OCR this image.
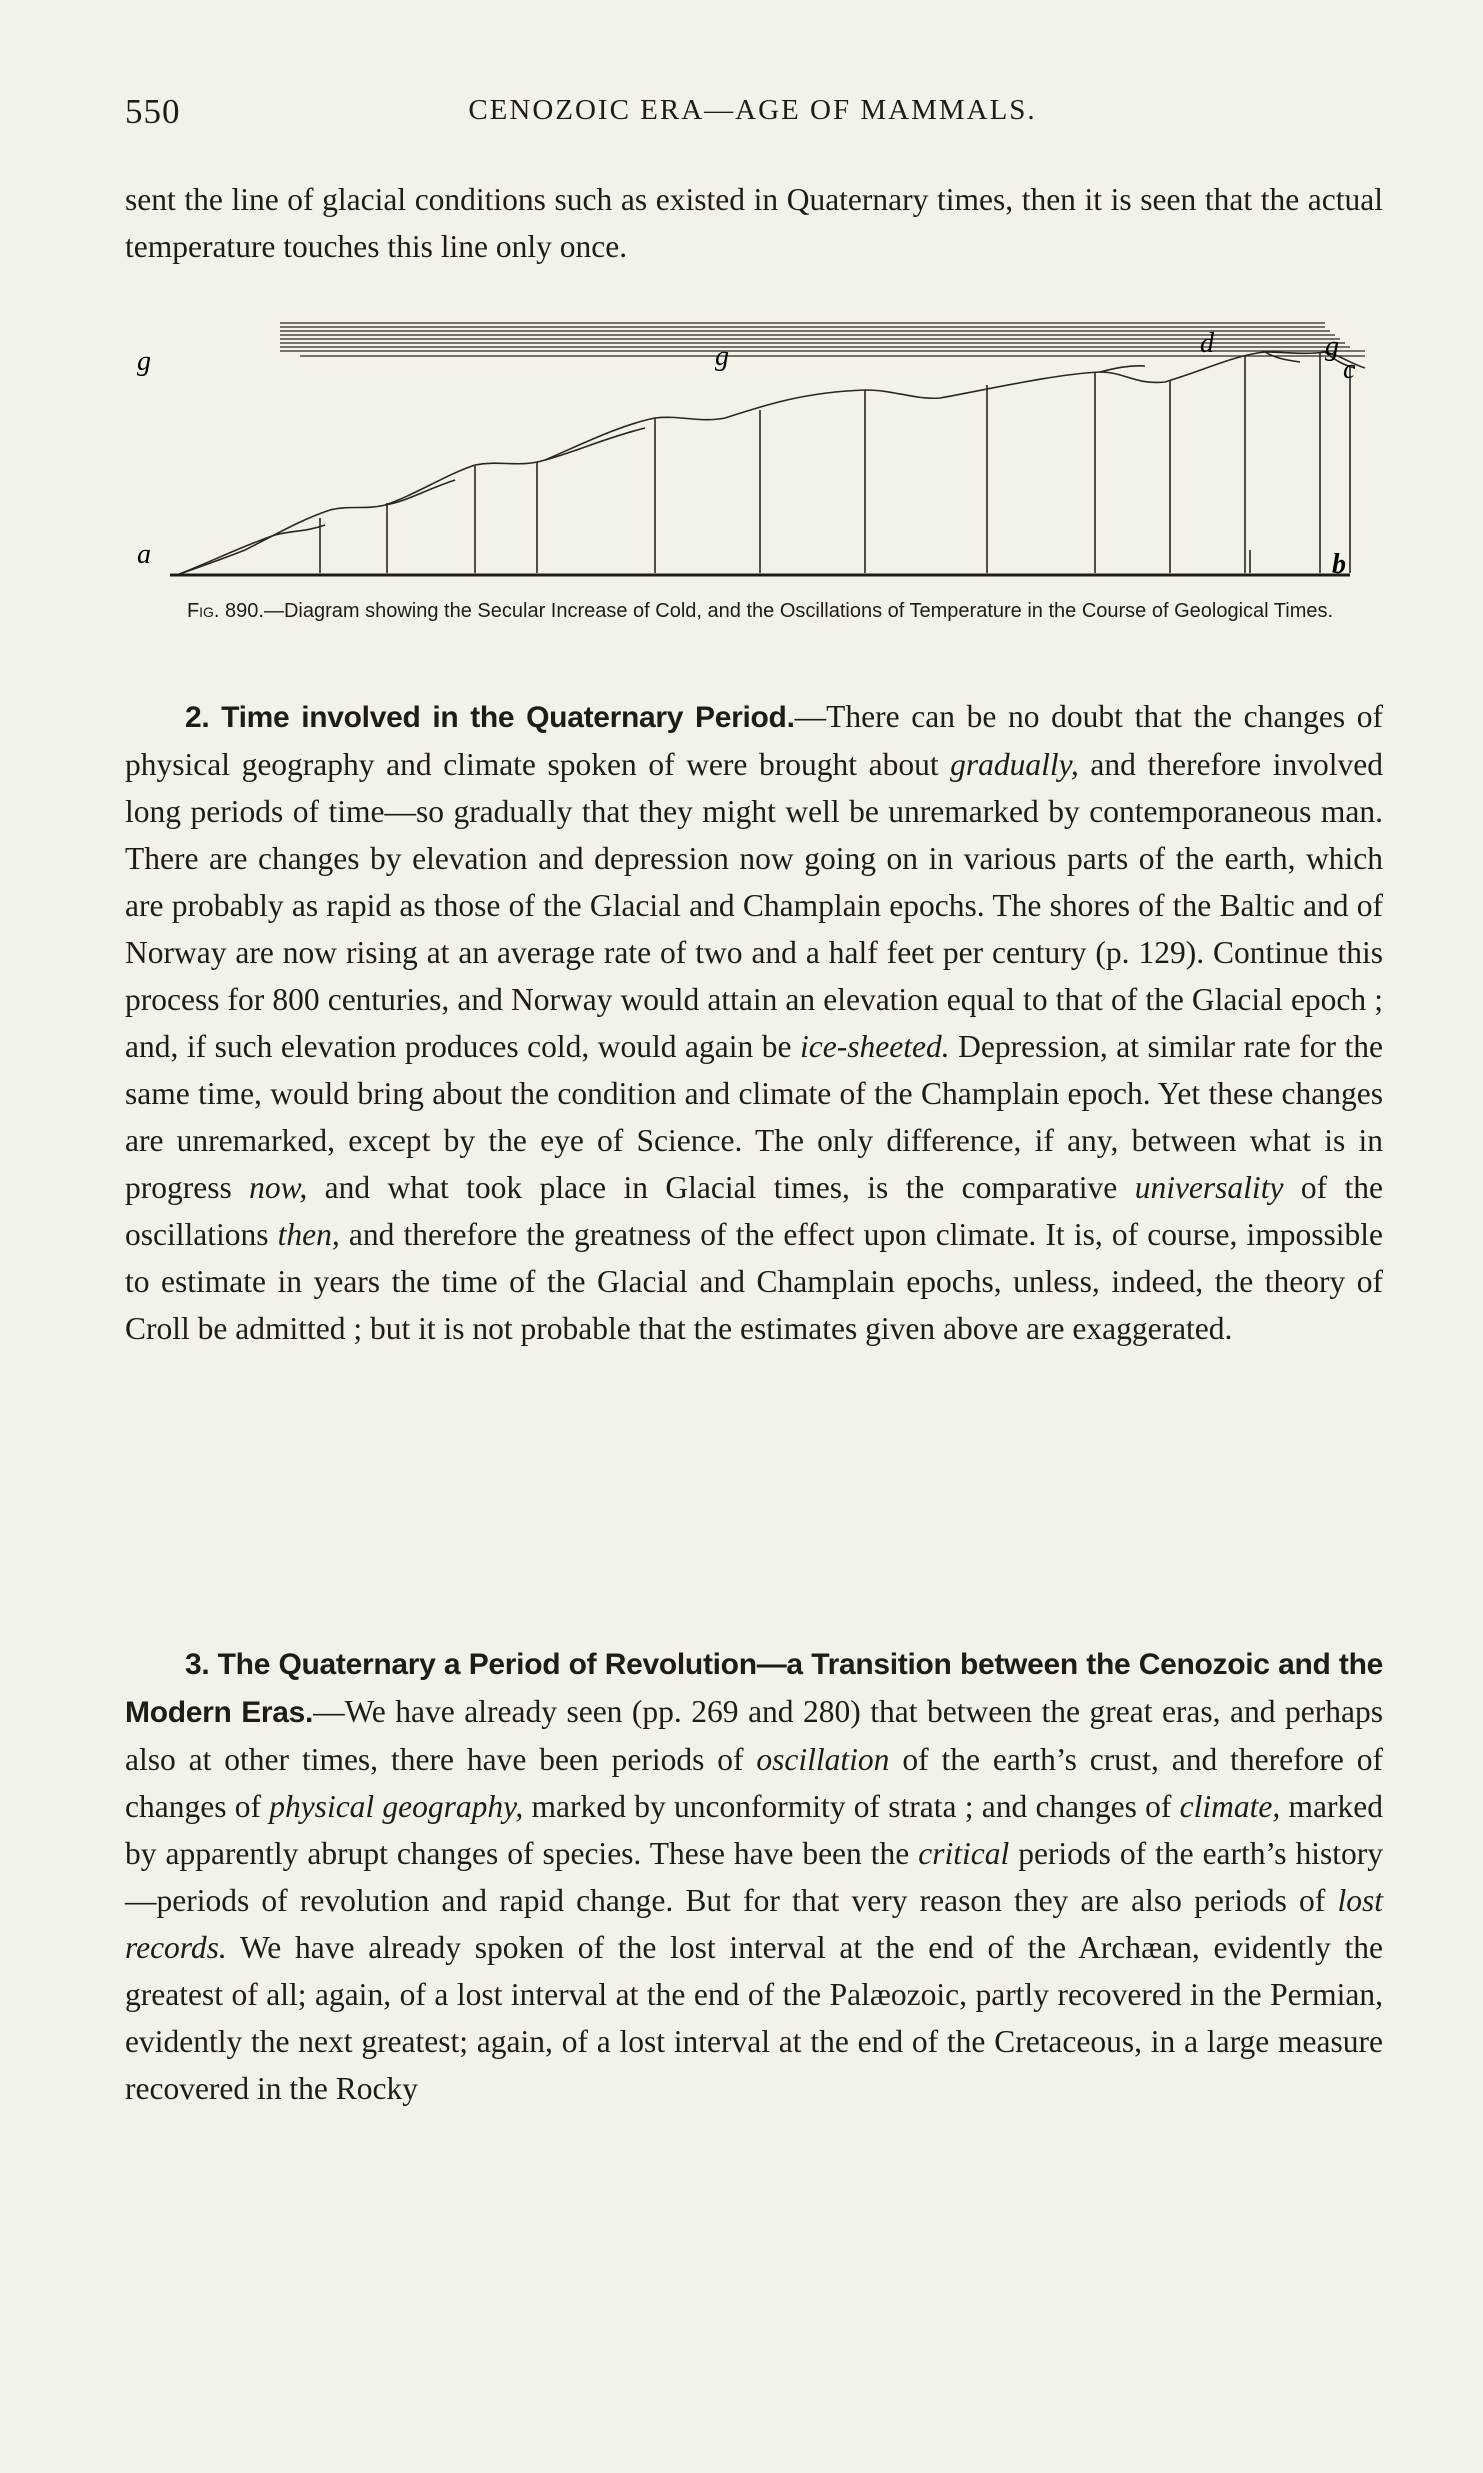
550	CENOZOIC ERA—AGE OF MAMMALS.

sent the line of glacial conditions such as existed in Quaternary times, then it is seen that the actual temperature touches this line only once.

g	g	d	g
c
a	b
Fig. 890.—Diagram showing the Secular Increase of Cold, and the Oscillations of Temperature in the Course of Geological Times.

2. Time involved in the Quaternary Period.—There can be no doubt that the changes of physical geography and climate spoken of were brought about gradually, and therefore involved long periods of time—so gradually that they might well be unremarked by contemporaneous man. There are changes by elevation and depression now going on in various parts of the earth, which are probably as rapid as those of the Glacial and Champlain epochs. The shores of the Baltic and of Norway are now rising at an average rate of two and a half feet per century (p. 129). Continue this process for 800 centuries, and Norway would attain an elevation equal to that of the Glacial epoch ; and, if such elevation produces cold, would again be ice-sheeted. Depression, at similar rate for the same time, would bring about the condition and climate of the Champlain epoch. Yet these changes are unremarked, except by the eye of Science. The only difference, if any, between what is in progress now, and what took place in Glacial times, is the comparative universality of the oscillations then, and therefore the greatness of the effect upon climate. It is, of course, impossible to estimate in years the time of the Glacial and Champlain epochs, unless, indeed, the theory of Croll be admitted ; but it is not probable that the estimates given above are exaggerated.

3. The Quaternary a Period of Revolution—a Transition between the Cenozoic and the Modern Eras.—We have already seen (pp. 269 and 280) that between the great eras, and perhaps also at other times, there have been periods of oscillation of the earth’s crust, and therefore of changes of physical geography, marked by unconformity of strata ; and changes of climate, marked by apparently abrupt changes of species. These have been the critical periods of the earth’s history —periods of revolution and rapid change. But for that very reason they are also periods of lost records. We have already spoken of the lost interval at the end of the Archæan, evidently the greatest of all; again, of a lost interval at the end of the Palæozoic, partly recovered in the Permian, evidently the next greatest; again, of a lost interval at the end of the Cretaceous, in a large measure recovered in the Rocky
